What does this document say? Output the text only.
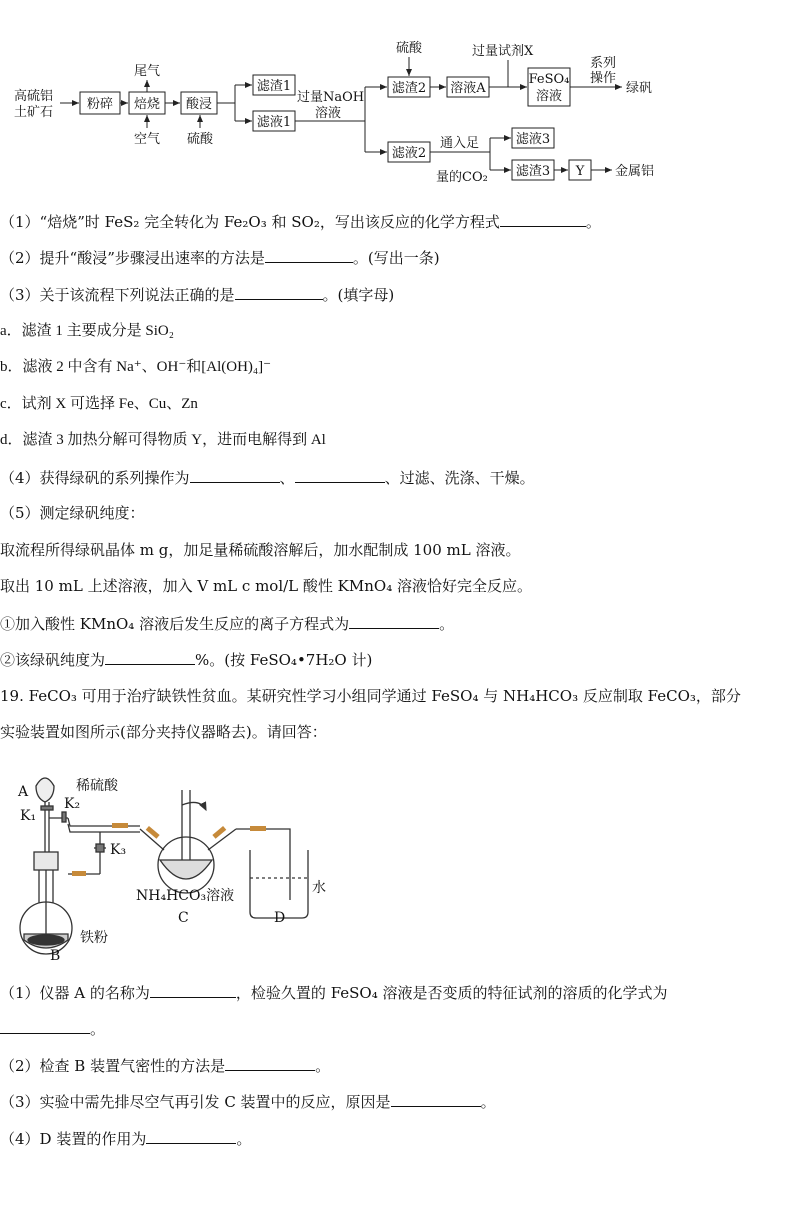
高硫铝
土矿石
粉碎 焙烧
尾气
空气
酸浸
硫酸
滤渣1
滤液1
过量NaOH
溶液
硫酸	过量试剂X
滤渣2 溶液A
FeSO₄
溶液
系列
操作
绿矾
滤液2
滤液3
通入足
量的CO₂ 滤渣3 Y 金属铝
（1）“焙烧”时 FeS₂ 完全转化为 Fe₂O₃ 和 SO₂，写出该反应的化学方程式	。
（2）提升“酸浸”步骤浸出速率的方法是	。(写出一条)
（3）关于该流程下列说法正确的是	。(填字母)
a．滤渣 1 主要成分是 SiO₂
b．滤液 2 中含有 Na⁺、OH⁻和[Al(OH)₄]⁻
c．试剂 X 可选择 Fe、Cu、Zn
d．滤渣 3 加热分解可得物质 Y，进而电解得到 Al
（4）获得绿矾的系列操作为	、	、过滤、洗涤、干燥。
（5）测定绿矾纯度：
取流程所得绿矾晶体 m g，加足量稀硫酸溶解后，加水配制成 100 mL 溶液。
取出 10 mL 上述溶液，加入 V mL c mol/L 酸性 KMnO₄ 溶液恰好完全反应。
①加入酸性 KMnO₄ 溶液后发生反应的离子方程式为	。
②该绿矾纯度为	%。(按 FeSO₄•7H₂O 计)
19. FeCO₃ 可用于治疗缺铁性贫血。某研究性学习小组同学通过 FeSO₄ 与 NH₄HCO₃ 反应制取 FeCO₃，部分
实验装置如图所示(部分夹持仪器略去)。请回答：
A	稀硫酸
K₁
K₂
K₃
B
铁粉
NH₄HCO₃溶液
C
水
D
（1）仪器 A 的名称为	，检验久置的 FeSO₄ 溶液是否变质的特征试剂的溶质的化学式为
。
（2）检查 B 装置气密性的方法是	。
（3）实验中需先排尽空气再引发 C 装置中的反应，原因是	。
（4）D 装置的作用为	。
